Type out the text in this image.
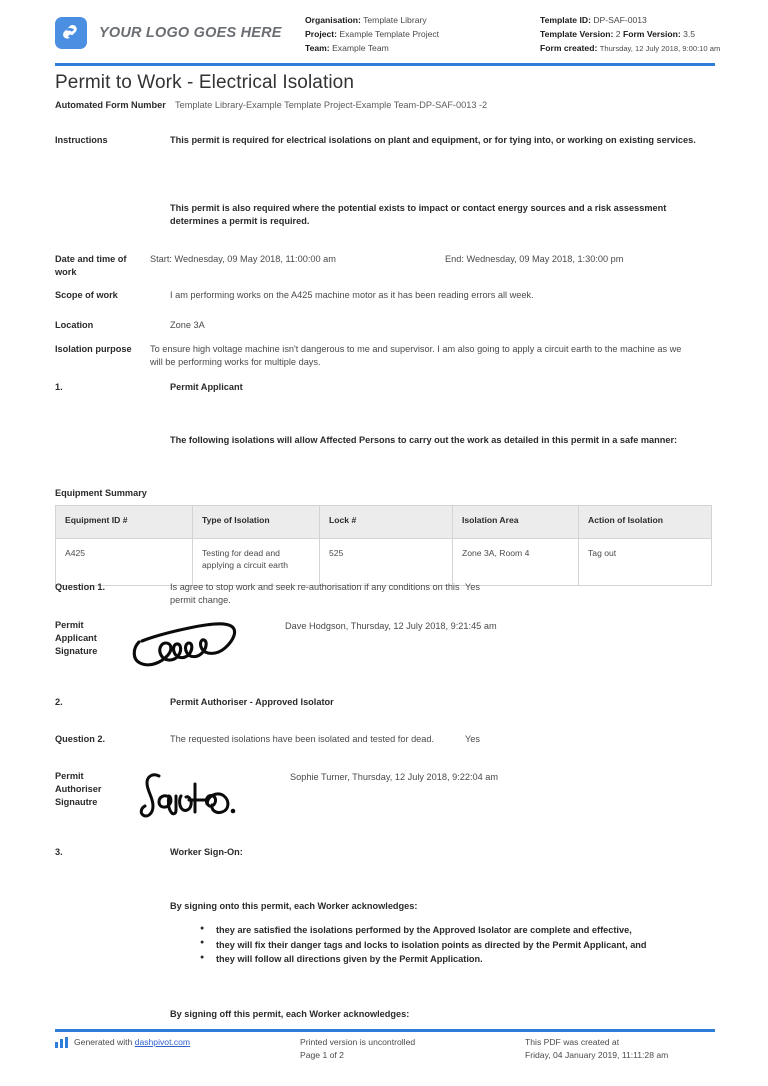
YOUR LOGO GOES HERE
Organisation: Template Library
Project: Example Template Project
Team: Example Team
Template ID: DP-SAF-0013
Template Version: 2 Form Version: 3.5
Form created: Thursday, 12 July 2018, 9:00:10 am
Permit to Work - Electrical Isolation
Automated Form Number	Template Library-Example Template Project-Example Team-DP-SAF-0013 -2
Instructions	This permit is required for electrical isolations on plant and equipment, or for tying into, or working on existing services.
This permit is also required where the potential exists to impact or contact energy sources and a risk assessment determines a permit is required.
Date and time of work
Start: Wednesday, 09 May 2018, 11:00:00 am	End: Wednesday, 09 May 2018, 1:30:00 pm
Scope of work	I am performing works on the A425 machine motor as it has been reading errors all week.
Location	Zone 3A
Isolation purpose	To ensure high voltage machine isn't dangerous to me and supervisor. I am also going to apply a circuit earth to the machine as we will be performing works for multiple days.
1.	Permit Applicant
The following isolations will allow Affected Persons to carry out the work as detailed in this permit in a safe manner:
Equipment Summary
Equipment ID #	Type of Isolation	Lock #	Isolation Area	Action of Isolation
A425	Testing for dead and applying a circuit earth	525	Zone 3A, Room 4	Tag out
Question 1.	Is agree to stop work and seek re-authorisation if any conditions on this permit change.
Yes
Permit Applicant Signature
Dave Hodgson, Thursday, 12 July 2018, 9:21:45 am
2.	Permit Authoriser - Approved Isolator
Question 2.	The requested isolations have been isolated and tested for dead.	Yes
Permit Authoriser Signautre
Sophie Turner, Thursday, 12 July 2018, 9:22:04 am
3.	Worker Sign-On:
By signing onto this permit, each Worker acknowledges:
● they are satisfied the isolations performed by the Approved Isolator are complete and effective,
● they will fix their danger tags and locks to isolation points as directed by the Permit Applicant, and
● they will follow all directions given by the Permit Application.
By signing off this permit, each Worker acknowledges:
Generated with
dashpivot.com	Printed version is uncontrolled
Page 1 of 2
This PDF was created at
Friday, 04 January 2019, 11:11:28 am
